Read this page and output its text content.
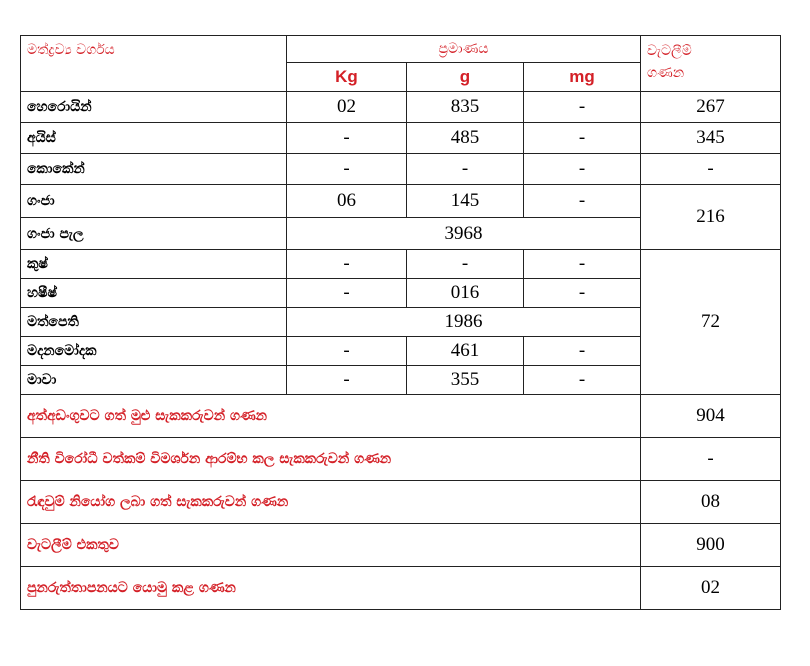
මත්ද්‍රව්‍ය වර්ගය	ප්‍රමාණය			වැටලීම්
ගණන

	Kg	g	mg	
හෙරොයින්	02	835	-	267
අයිස්	-	485	-	345
කොකේන්	-	-	-	-
ගංජා	06	145	-	216
ගංජා පැල	3968			
කුෂ්	-	-	-	72
හෂීෂ්	-	016	-	
මත්පෙති	1986			
මදනමෝදක	-	461	-	
මාවා	-	355	-	
අත්අඩංගුවට ගත් මුළු සැකකරුවන් ගණන				904
නීති විරෝධී වත්කම් විමර්ශන ආරම්භ කල සැකකරුවන් ගණන				-
රැඳවුම් නියෝග ලබා ගත් සැකකරුවන් ගණන				08
වැටලීම් එකතුව				900
පුනරුත්තාපනයට යොමු කළ ගණන				02
